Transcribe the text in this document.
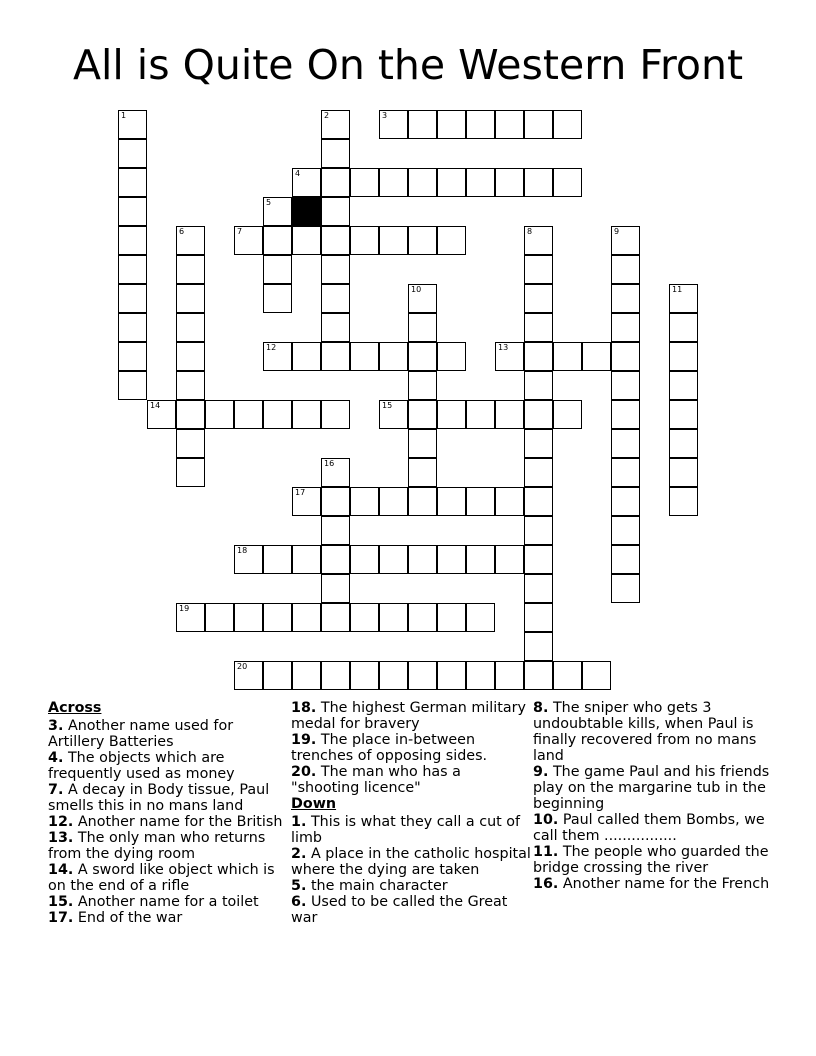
All is Quite On the Western Front
1	2	3
4
5
6	7	8	9
10	11
12	13
14	15
16
17
18
19
20
Across
3. Another name used for Artillery Batteries
4. The objects which are frequently used as money
7. A decay in Body tissue, Paul smells this in no mans land
12. Another name for the British
13. The only man who returns from the dying room
14. A sword like object which is on the end of a rifle
15. Another name for a toilet
17. End of the war
18. The highest German military medal for bravery
19. The place in-between trenches of opposing sides.
20. The man who has a "shooting licence"
Down
1. This is what they call a cut of limb
2. A place in the catholic hospital where the dying are taken
5. the main character
6. Used to be called the Great war
8. The sniper who gets 3 undoubtable kills, when Paul is finally recovered from no mans land
9. The game Paul and his friends play on the margarine tub in the beginning
10. Paul called them Bombs, we call them ................
11. The people who guarded the bridge crossing the river
16. Another name for the French
